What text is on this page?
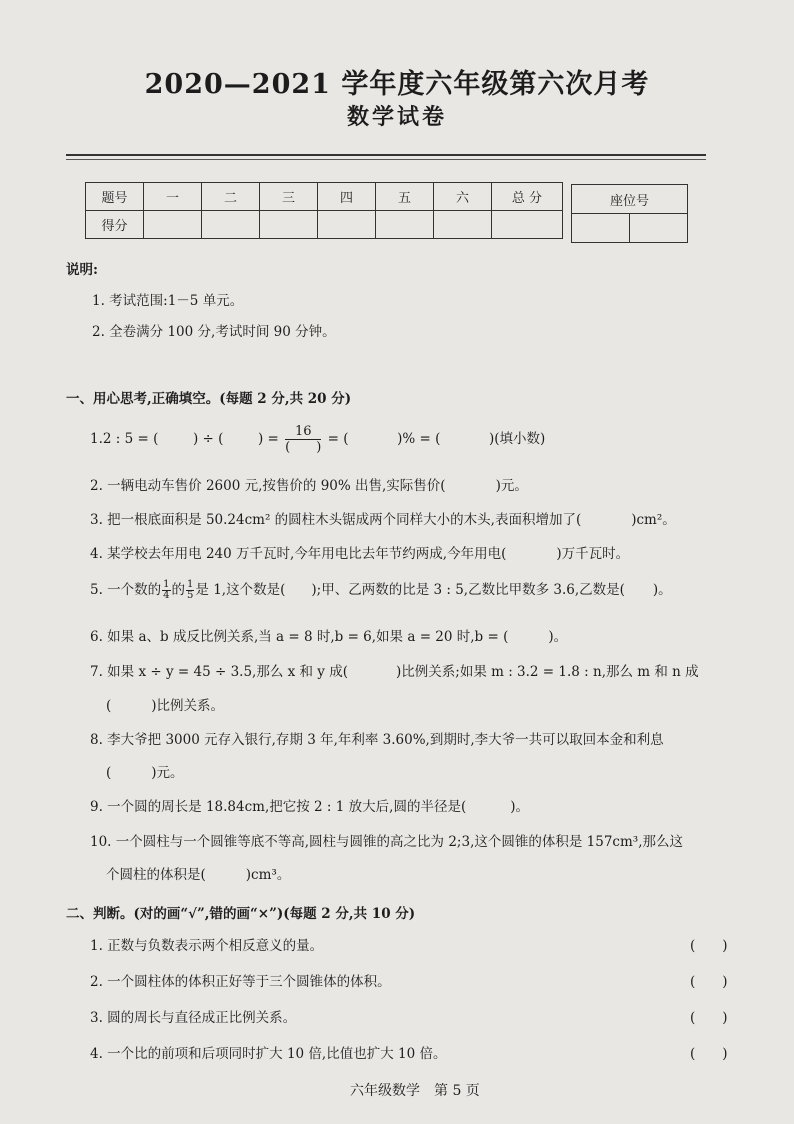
2020—2021 学年度六年级第六次月考
数学试卷
题号	一	二	三	四	五	六	总 分
得分							
座位号

说明:
1. 考试范围:1－5 单元。
2. 全卷满分 100 分,考试时间 90 分钟。
一、用心思考,正确填空。(每题 2 分,共 20 分)
1.2 : 5 = (	) ÷ (	) = $\frac{16}{( )}$ = (	)% = (	)(填小数)
2. 一辆电动车售价 2600 元,按售价的 90% 出售,实际售价(	)元。
3. 把一根底面积是 50.24cm² 的圆柱木头锯成两个同样大小的木头,表面积增加了(	)cm²。
4. 某学校去年用电 240 万千瓦时,今年用电比去年节约两成,今年用电(	)万千瓦时。
5. 一个数的 $\frac{1}{4}$ 的 $\frac{1}{5}$ 是 1,这个数是( );甲、乙两数的比是 3 : 5,乙数比甲数多 3.6,乙数是( )。
6. 如果 a、b 成反比例关系,当 a = 8 时,b = 6,如果 a = 20 时,b = (	)。
7. 如果 x ÷ y = 45 ÷ 3.5,那么 x 和 y 成(	)比例关系;如果 m : 3.2 = 1.8 : n,那么 m 和 n 成
(	)比例关系。
8. 李大爷把 3000 元存入银行,存期 3 年,年利率 3.60%,到期时,李大爷一共可以取回本金和利息
(	)元。
9. 一个圆的周长是 18.84cm,把它按 2 : 1 放大后,圆的半径是(	)。
10. 一个圆柱与一个圆锥等底不等高,圆柱与圆锥的高之比为 2;3,这个圆锥的体积是 157cm³,那么这
个圆柱的体积是(	)cm³。
二、判断。(对的画“√”,错的画“×”)(每题 2 分,共 10 分)
1. 正数与负数表示两个相反意义的量。	(　　)
2. 一个圆柱体的体积正好等于三个圆锥体的体积。	(　　)
3. 圆的周长与直径成正比例关系。	(　　)
4. 一个比的前项和后项同时扩大 10 倍,比值也扩大 10 倍。	(　　)
六年级数学　第 5 页
